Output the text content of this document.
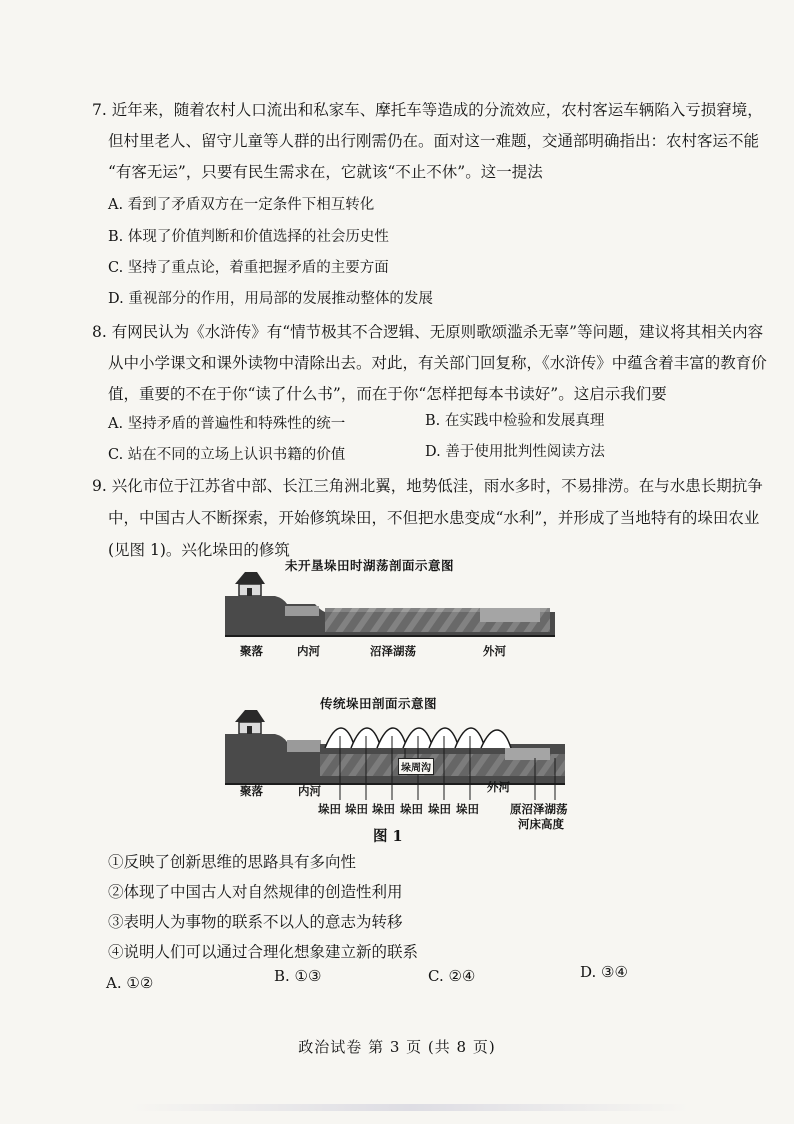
7. 近年来，随着农村人口流出和私家车、摩托车等造成的分流效应，农村客运车辆陷入亏损窘境，
但村里老人、留守儿童等人群的出行刚需仍在。面对这一难题，交通部明确指出：农村客运不能
“有客无运”，只要有民生需求在，它就该“不止不休”。这一提法
A. 看到了矛盾双方在一定条件下相互转化
B. 体现了价值判断和价值选择的社会历史性
C. 坚持了重点论，着重把握矛盾的主要方面
D. 重视部分的作用，用局部的发展推动整体的发展
8. 有网民认为《水浒传》有“情节极其不合逻辑、无原则歌颂滥杀无辜”等问题，建议将其相关内容
从中小学课文和课外读物中清除出去。对此，有关部门回复称，《水浒传》中蕴含着丰富的教育价
值，重要的不在于你“读了什么书”，而在于你“怎样把每本书读好”。这启示我们要
A. 坚持矛盾的普遍性和特殊性的统一	B. 在实践中检验和发展真理
C. 站在不同的立场上认识书籍的价值	D. 善于使用批判性阅读方法
9. 兴化市位于江苏省中部、长江三角洲北翼，地势低洼，雨水多时，不易排涝。在与水患长期抗争
中，中国古人不断探索，开始修筑垛田，不但把水患变成“水利”，并形成了当地特有的垛田农业
(见图 1)。兴化垛田的修筑
未开垦垛田时湖荡剖面示意图
聚落	内河	沼泽湖荡	外河
传统垛田剖面示意图
垛周沟
聚落	内河	外河
垛田 垛田 垛田 垛田 垛田 垛田	原沼泽湖荡
河床高度
图 1
①反映了创新思维的思路具有多向性
②体现了中国古人对自然规律的创造性利用
③表明人为事物的联系不以人的意志为转移
④说明人们可以通过合理化想象建立新的联系
A. ①②	B. ①③	C. ②④	D. ③④
政治试卷 第 3 页 (共 8 页)
